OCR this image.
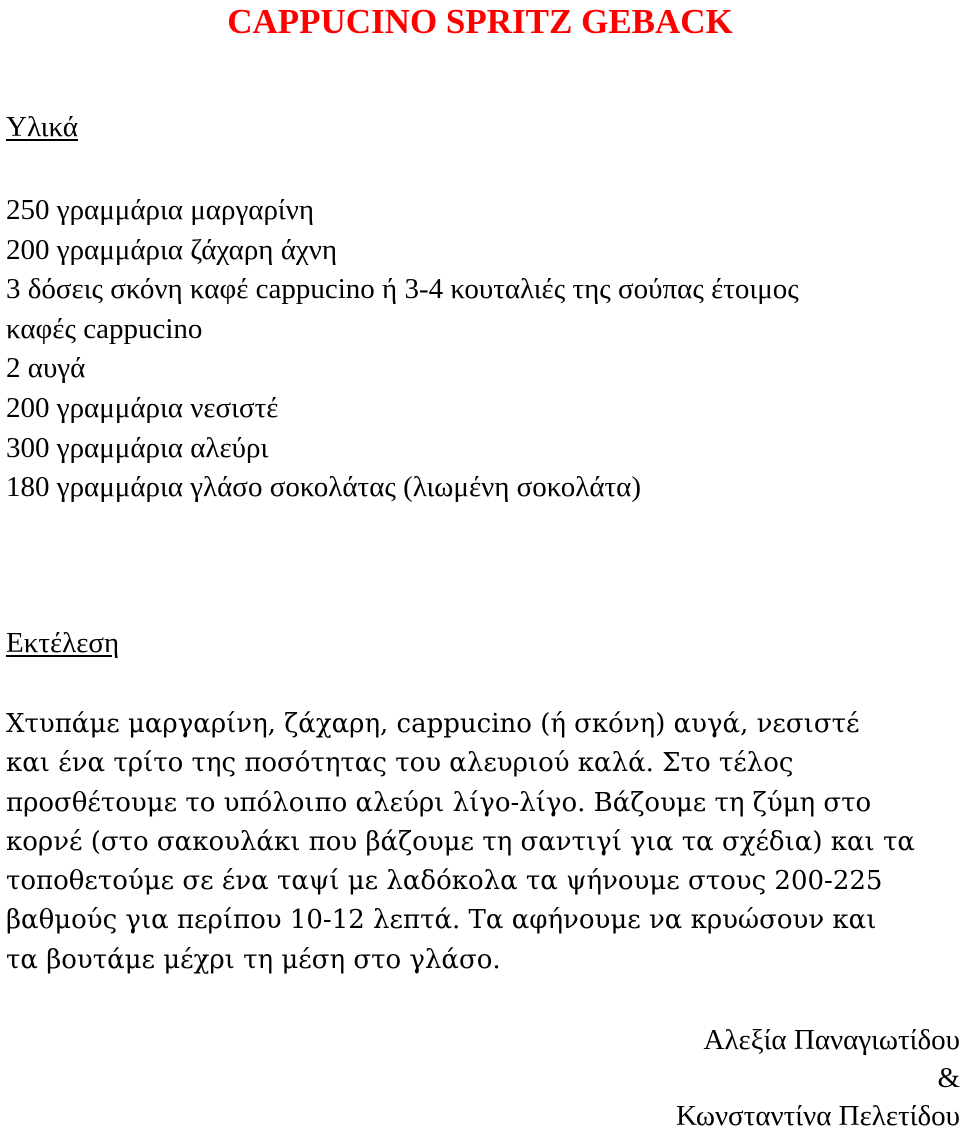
CAPPUCINO SPRITZ GEBACK
Υλικά
250 γραμμάρια μαργαρίνη
200 γραμμάρια ζάχαρη άχνη
3 δόσεις σκόνη καφέ cappucino ή 3-4 κουταλιές της σούπας έτοιμος
καφές cappucino
2 αυγά
200 γραμμάρια νεσιστέ
300 γραμμάρια αλεύρι
180 γραμμάρια γλάσο σοκολάτας (λιωμένη σοκολάτα)
Εκτέλεση

Χτυπάμε μαργαρίνη, ζάχαρη, cappucino (ή σκόνη) αυγά, νεσιστέ
και ένα τρίτο της ποσότητας του αλευριού καλά. Στο τέλος
προσθέτουμε το υπόλοιπο αλεύρι λίγο-λίγο. Βάζουμε τη ζύμη στο
κορνέ (στο σακουλάκι που βάζουμε τη σαντιγί για τα σχέδια) και τα
τοποθετούμε σε ένα ταψί με λαδόκολα τα ψήνουμε στους 200-225
βαθμούς για περίπου 10-12 λεπτά. Τα αφήνουμε να κρυώσουν και
τα βουτάμε μέχρι τη μέση στο γλάσο.

Αλεξία Παναγιωτίδου
&
Κωνσταντίνα Πελετίδου
